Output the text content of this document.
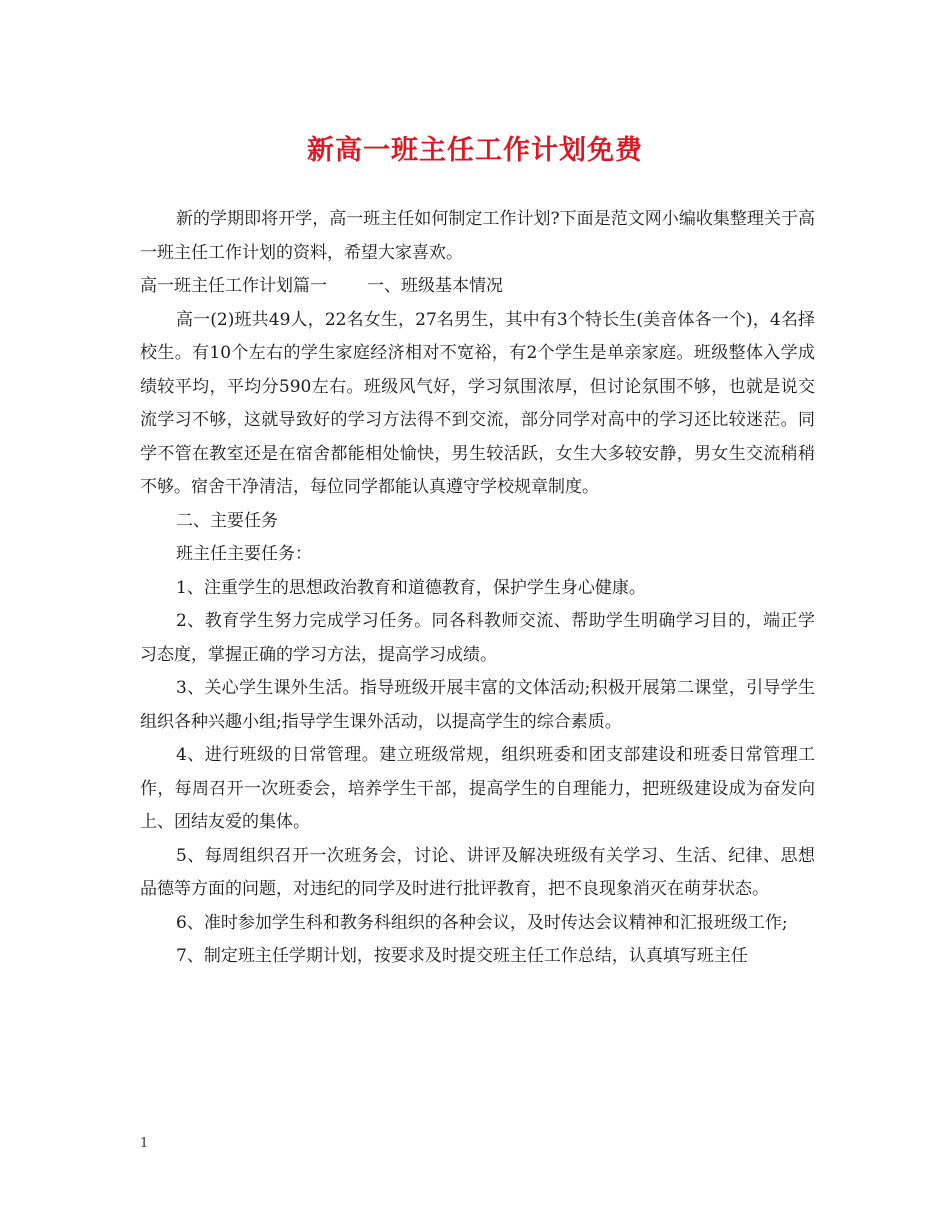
新高一班主任工作计划免费

新的学期即将开学，高一班主任如何制定工作计划?下面是范文网小编收集整理关于高一班主任工作计划的资料，希望大家喜欢。

高一班主任工作计划篇一 一、班级基本情况

高一(2)班共49人，22名女生，27名男生，其中有3个特长生(美音体各一个)，4名择校生。有10个左右的学生家庭经济相对不宽裕，有2个学生是单亲家庭。班级整体入学成绩较平均，平均分590左右。班级风气好，学习氛围浓厚，但讨论氛围不够，也就是说交流学习不够，这就导致好的学习方法得不到交流，部分同学对高中的学习还比较迷茫。同学不管在教室还是在宿舍都能相处愉快，男生较活跃，女生大多较安静，男女生交流稍稍不够。宿舍干净清洁，每位同学都能认真遵守学校规章制度。

二、主要任务

班主任主要任务：

1、注重学生的思想政治教育和道德教育，保护学生身心健康。

2、教育学生努力完成学习任务。同各科教师交流、帮助学生明确学习目的，端正学习态度，掌握正确的学习方法，提高学习成绩。

3、关心学生课外生活。指导班级开展丰富的文体活动;积极开展第二课堂，引导学生组织各种兴趣小组;指导学生课外活动，以提高学生的综合素质。

4、进行班级的日常管理。建立班级常规，组织班委和团支部建设和班委日常管理工作，每周召开一次班委会，培养学生干部，提高学生的自理能力，把班级建设成为奋发向上、团结友爱的集体。

5、每周组织召开一次班务会，讨论、讲评及解决班级有关学习、生活、纪律、思想品德等方面的问题，对违纪的同学及时进行批评教育，把不良现象消灭在萌芽状态。

6、准时参加学生科和教务科组织的各种会议，及时传达会议精神和汇报班级工作;

7、制定班主任学期计划，按要求及时提交班主任工作总结，认真填写班主任

1
